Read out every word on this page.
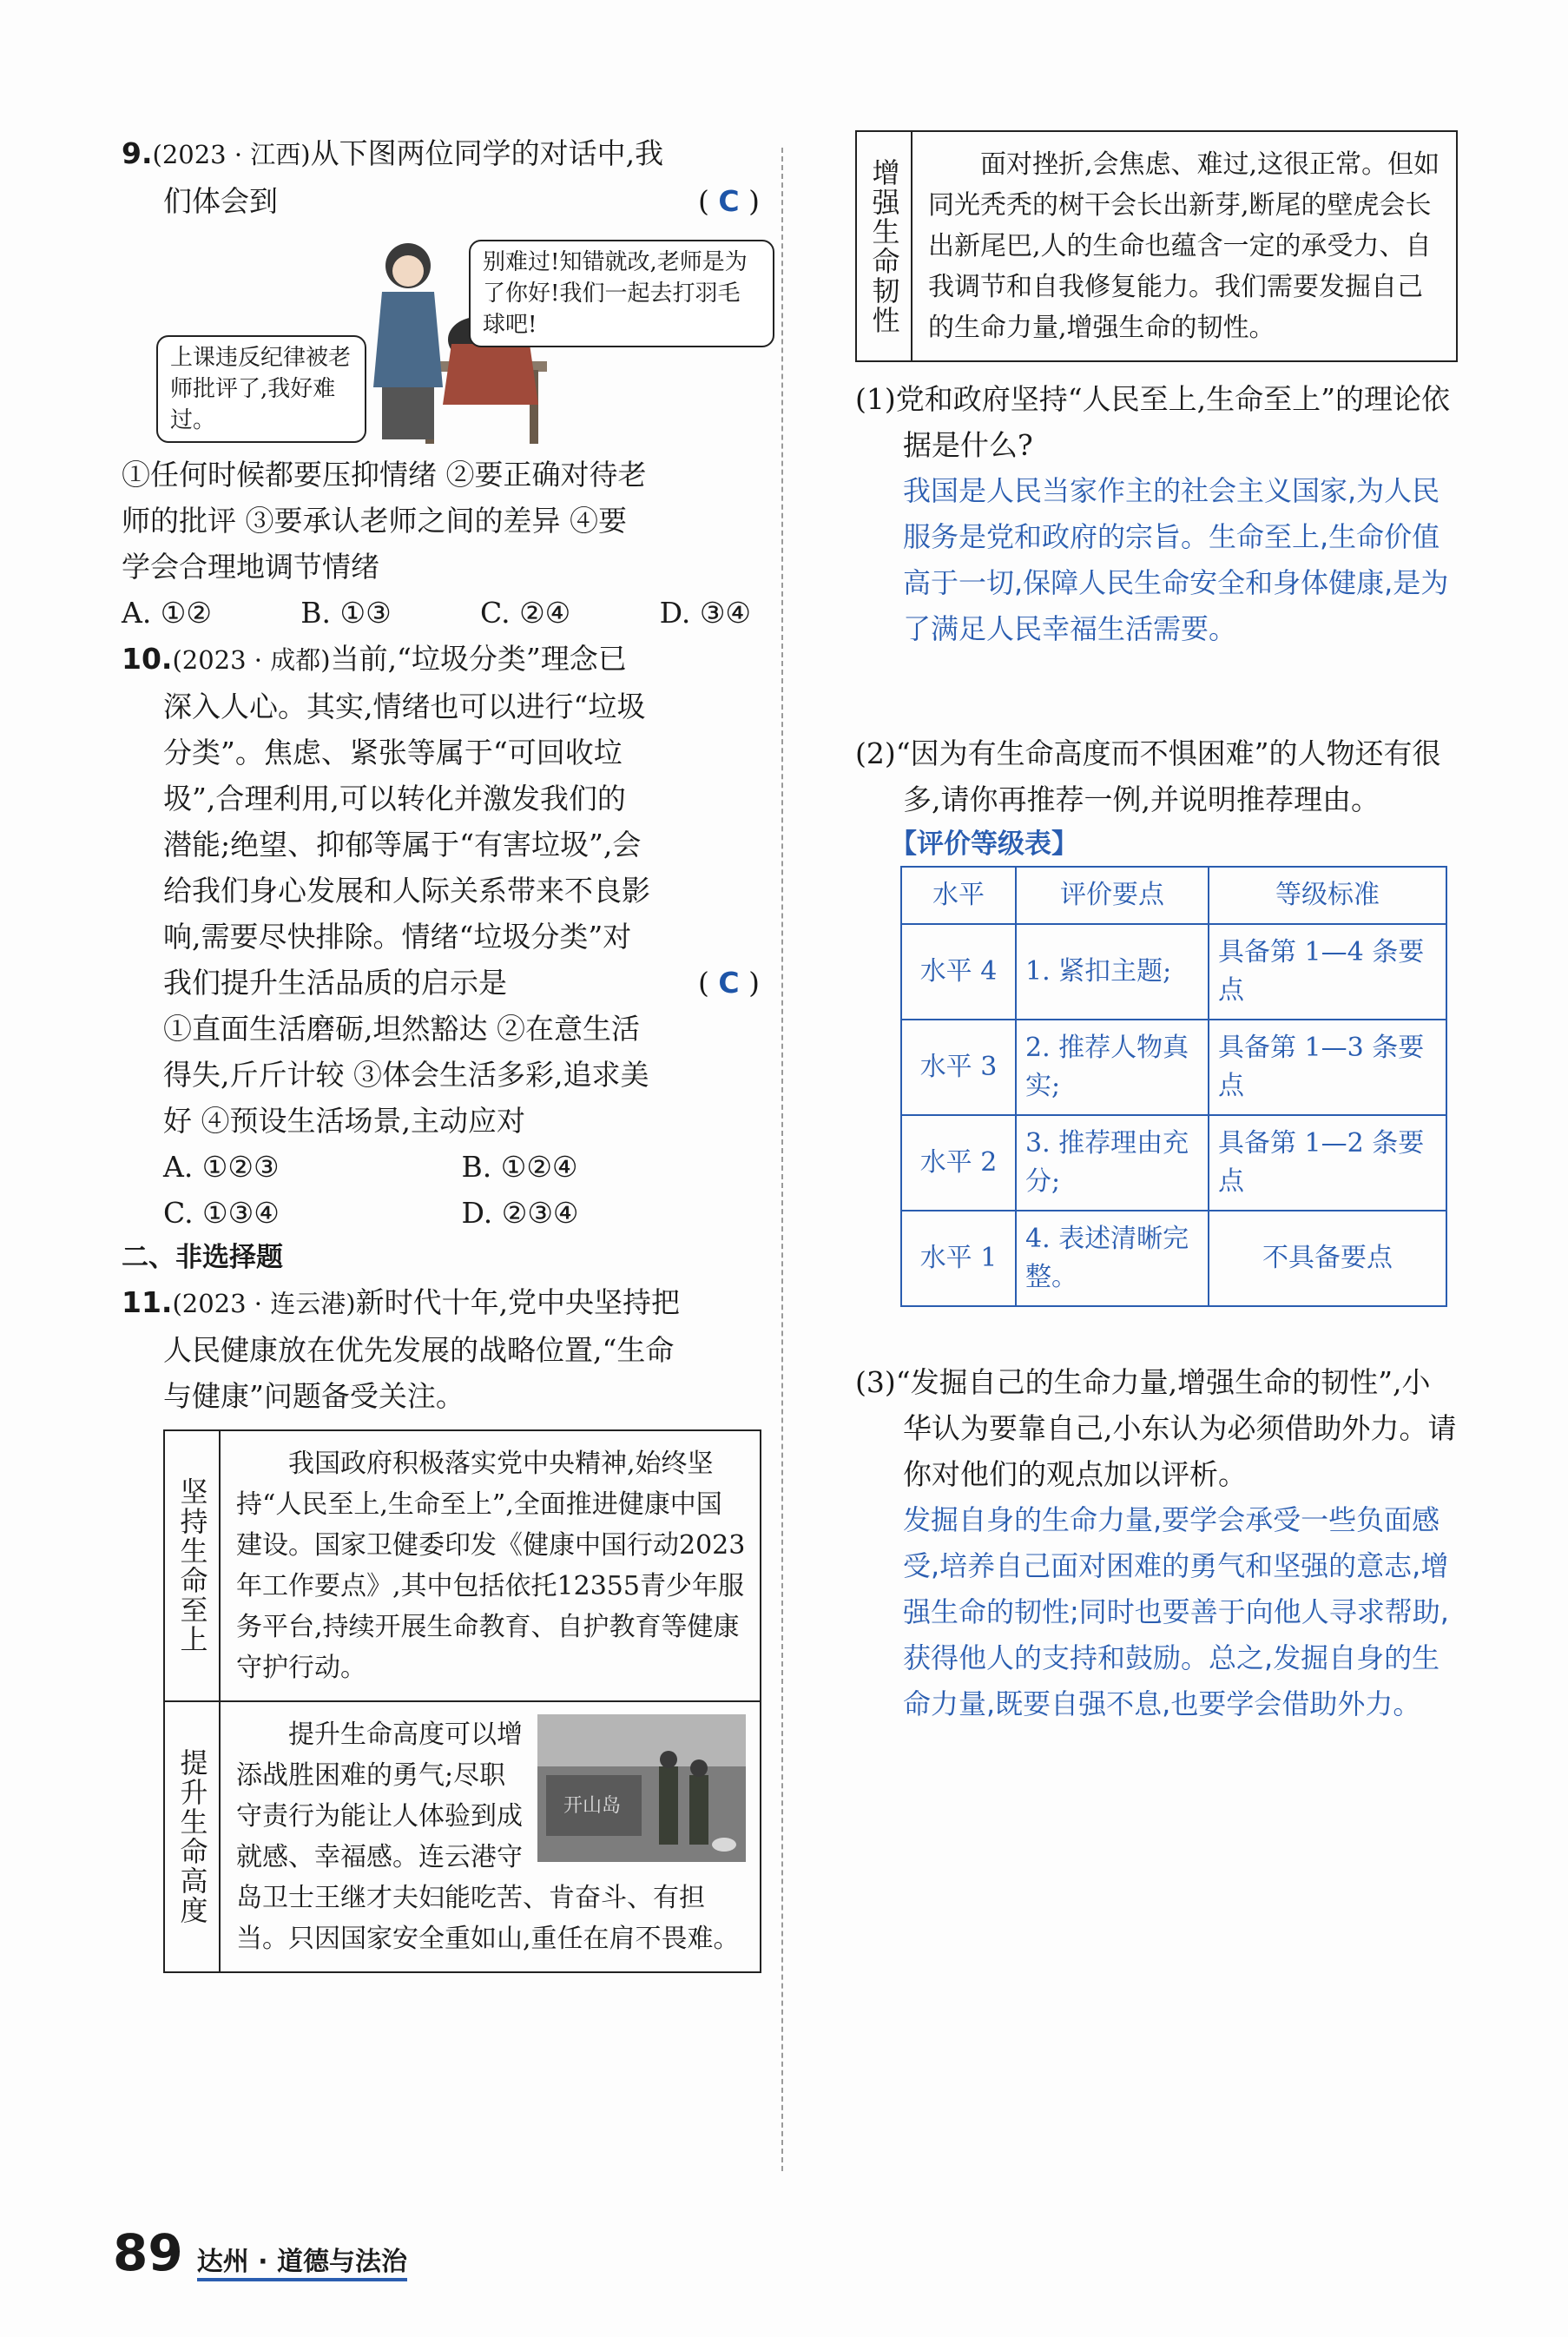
9.(2023 · 江西)从下图两位同学的对话中,我
们体会到	( C )
上课违反纪律被老师批评了,我好难过。
别难过!知错就改,老师是为了你好!我们一起去打羽毛球吧!
①任何时候都要压抑情绪 ②要正确对待老
师的批评 ③要承认老师之间的差异 ④要
学会合理地调节情绪
A. ①②	B. ①③	C. ②④	D. ③④
10.(2023 · 成都)当前,“垃圾分类”理念已
深入人心。其实,情绪也可以进行“垃圾
分类”。焦虑、紧张等属于“可回收垃
圾”,合理利用,可以转化并激发我们的
潜能;绝望、抑郁等属于“有害垃圾”,会
给我们身心发展和人际关系带来不良影
响,需要尽快排除。情绪“垃圾分类”对
我们提升生活品质的启示是	( C )
①直面生活磨砺,坦然豁达 ②在意生活
得失,斤斤计较 ③体会生活多彩,追求美
好 ④预设生活场景,主动应对
A. ①②③	B. ①②④
C. ①③④	D. ②③④
二、非选择题
11.(2023 · 连云港)新时代十年,党中央坚持把
人民健康放在优先发展的战略位置,“生命
与健康”问题备受关注。
坚持生命至上
我国政府积极落实党中央精神,始终坚持“人民至上,生命至上”,全面推进健康中国建设。国家卫健委印发《健康中国行动2023年工作要点》,其中包括依托12355青少年服务平台,持续开展生命教育、自护教育等健康守护行动。
提升生命高度	开山岛
提升生命高度可以增添战胜困难的勇气;尽职守责行为能让人体验到成就感、幸福感。连云港守岛卫士王继才夫妇能吃苦、肯奋斗、有担当。只因国家安全重如山,重任在肩不畏难。
增强生命韧性	面对挫折,会焦虑、难过,这很正常。但如同光秃秃的树干会长出新芽,断尾的壁虎会长出新尾巴,人的生命也蕴含一定的承受力、自我调节和自我修复能力。我们需要发掘自己的生命力量,增强生命的韧性。
(1)党和政府坚持“人民至上,生命至上”的理论依据是什么?
我国是人民当家作主的社会主义国家,为人民服务是党和政府的宗旨。生命至上,生命价值高于一切,保障人民生命安全和身体健康,是为了满足人民幸福生活需要。
(2)“因为有生命高度而不惧困难”的人物还有很多,请你再推荐一例,并说明推荐理由。
【评价等级表】
水平	评价要点	等级标准
水平 4	1. 紧扣主题;	具备第 1—4 条要点
水平 3	2. 推荐人物真实;	具备第 1—3 条要点
水平 2	3. 推荐理由充分;	具备第 1—2 条要点
水平 1	4. 表述清晰完整。	不具备要点
(3)“发掘自己的生命力量,增强生命的韧性”,小华认为要靠自己,小东认为必须借助外力。请你对他们的观点加以评析。
发掘自身的生命力量,要学会承受一些负面感受,培养自己面对困难的勇气和坚强的意志,增强生命的韧性;同时也要善于向他人寻求帮助,获得他人的支持和鼓励。总之,发掘自身的生命力量,既要自强不息,也要学会借助外力。
89 达州 · 道德与法治
